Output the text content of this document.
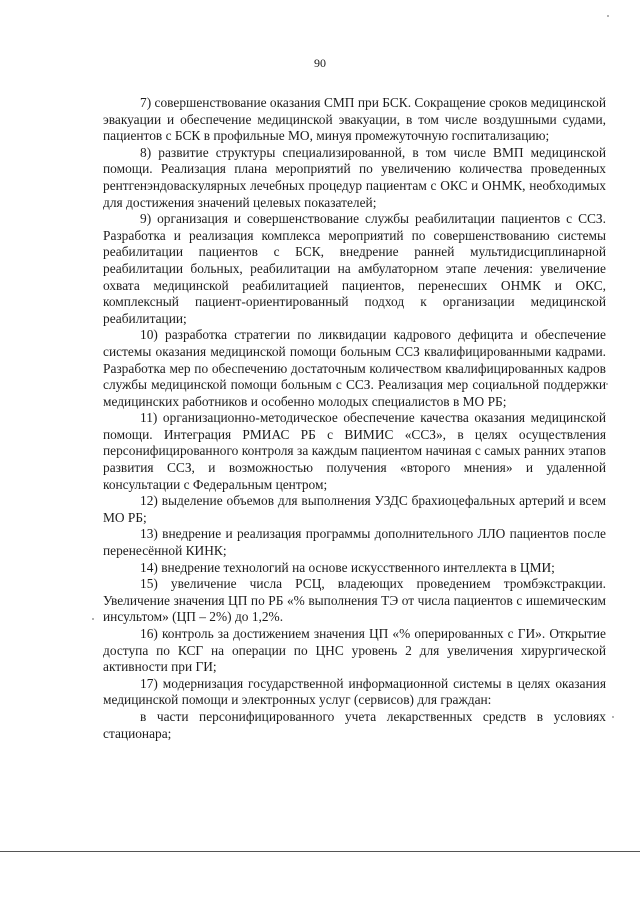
90

7) совершенствование оказания СМП при БСК. Сокращение сроков медицинской эвакуации и обеспечение медицинской эвакуации, в том числе воздушными судами, пациентов с БСК в профильные МО, минуя промежуточную госпитализацию;

8) развитие структуры специализированной, в том числе ВМП медицинской помощи. Реализация плана мероприятий по увеличению количества проведенных рентгенэндоваскулярных лечебных процедур пациентам с ОКС и ОНМК, необходимых для достижения значений целевых показателей;

9) организация и совершенствование службы реабилитации пациентов с ССЗ. Разработка и реализация комплекса мероприятий по совершенствованию системы реабилитации пациентов с БСК, внедрение ранней мультидисциплинарной реабилитации больных, реабилитации на амбулаторном этапе лечения: увеличение охвата медицинской реабилитацией пациентов, перенесших ОНМК и ОКС, комплексный пациент-ориентированный подход к организации медицинской реабилитации;

10) разработка стратегии по ликвидации кадрового дефицита и обеспечение системы оказания медицинской помощи больным ССЗ квалифицированными кадрами. Разработка мер по обеспечению достаточным количеством квалифицированных кадров службы медицинской помощи больным с ССЗ. Реализация мер социальной поддержки медицинских работников и особенно молодых специалистов в МО РБ;

11) организационно-методическое обеспечение качества оказания медицинской помощи. Интеграция РМИАС РБ с ВИМИС «ССЗ», в целях осуществления персонифицированного контроля за каждым пациентом начиная с самых ранних этапов развития ССЗ, и возможностью получения «второго мнения» и удаленной консультации с Федеральным центром;

12) выделение объемов для выполнения УЗДС брахиоцефальных артерий и всем МО РБ;

13) внедрение и реализация программы дополнительного ЛЛО пациентов после перенесённой КИНК;

14) внедрение технологий на основе искусственного интеллекта в ЦМИ;

15) увеличение числа РСЦ, владеющих проведением тромбэкстракции. Увеличение значения ЦП по РБ «% выполнения ТЭ от числа пациентов с ишемическим инсультом» (ЦП – 2%) до 1,2%.

16) контроль за достижением значения ЦП «% оперированных с ГИ». Открытие доступа по КСГ на операции по ЦНС уровень 2 для увеличения хирургической активности при ГИ;

17) модернизация государственной информационной системы в целях оказания медицинской помощи и электронных услуг (сервисов) для граждан:

в части персонифицированного учета лекарственных средств в условиях стационара;
